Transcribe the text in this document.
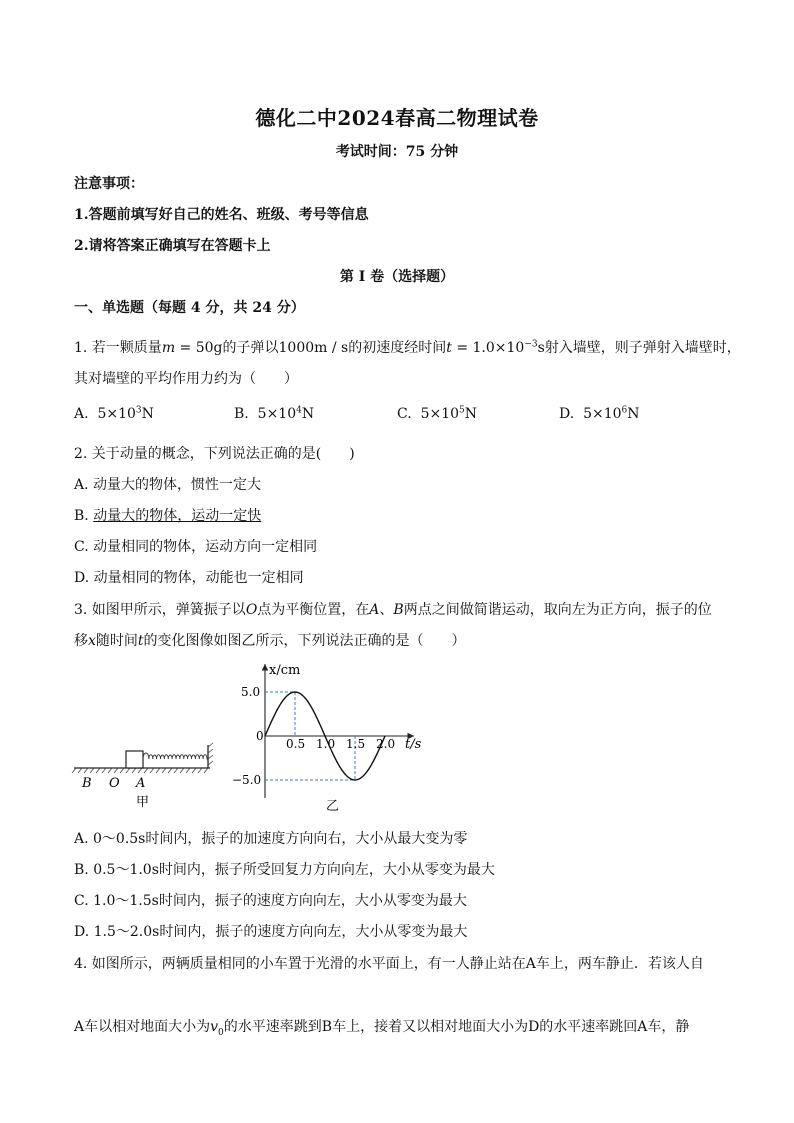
德化二中2024春高二物理试卷
考试时间：75 分钟
注意事项：
1.答题前填写好自己的姓名、班级、考号等信息
2.请将答案正确填写在答题卡上
第 I 卷（选择题）
一、单选题（每题 4 分，共 24 分）
1. 若一颗质量m = 50g的子弹以1000m / s的初速度经时间$t = 1.0\times 10^{-3}s$射入墙壁，则子弹射入墙壁时，
其对墙壁的平均作用力约为（　　）
A. $5\times 10^3N$	B. $5\times 10^4N$	C. $5\times 10^5N$	D. $5\times 10^6N$
2. 关于动量的概念，下列说法正确的是(　　)
A. 动量大的物体，惯性一定大
B. 动量大的物体，运动一定快
C. 动量相同的物体，运动方向一定相同
D. 动量相同的物体，动能也一定相同
3. 如图甲所示，弹簧振子以O点为平衡位置，在A、B两点之间做简谐运动，取向左为正方向，振子的位
移x随时间t的变化图像如图乙所示，下列说法正确的是（　　）
B O A
甲
0.5 1.0 1.5 2.0
5.0
−5.0
x/cm
t/s
0
乙
A. 0～0.5s时间内，振子的加速度方向向右，大小从最大变为零
B. 0.5～1.0s时间内，振子所受回复力方向向左，大小从零变为最大
C. 1.0～1.5s时间内，振子的速度方向向左，大小从零变为最大
D. 1.5～2.0s时间内，振子的速度方向向左，大小从零变为最大
4. 如图所示，两辆质量相同的小车置于光滑的水平面上，有一人静止站在A车上，两车静止．若该人自
A车以相对地面大小为$v_0$的水平速率跳到B车上，接着又以相对地面大小为D的水平速率跳回A车，静
